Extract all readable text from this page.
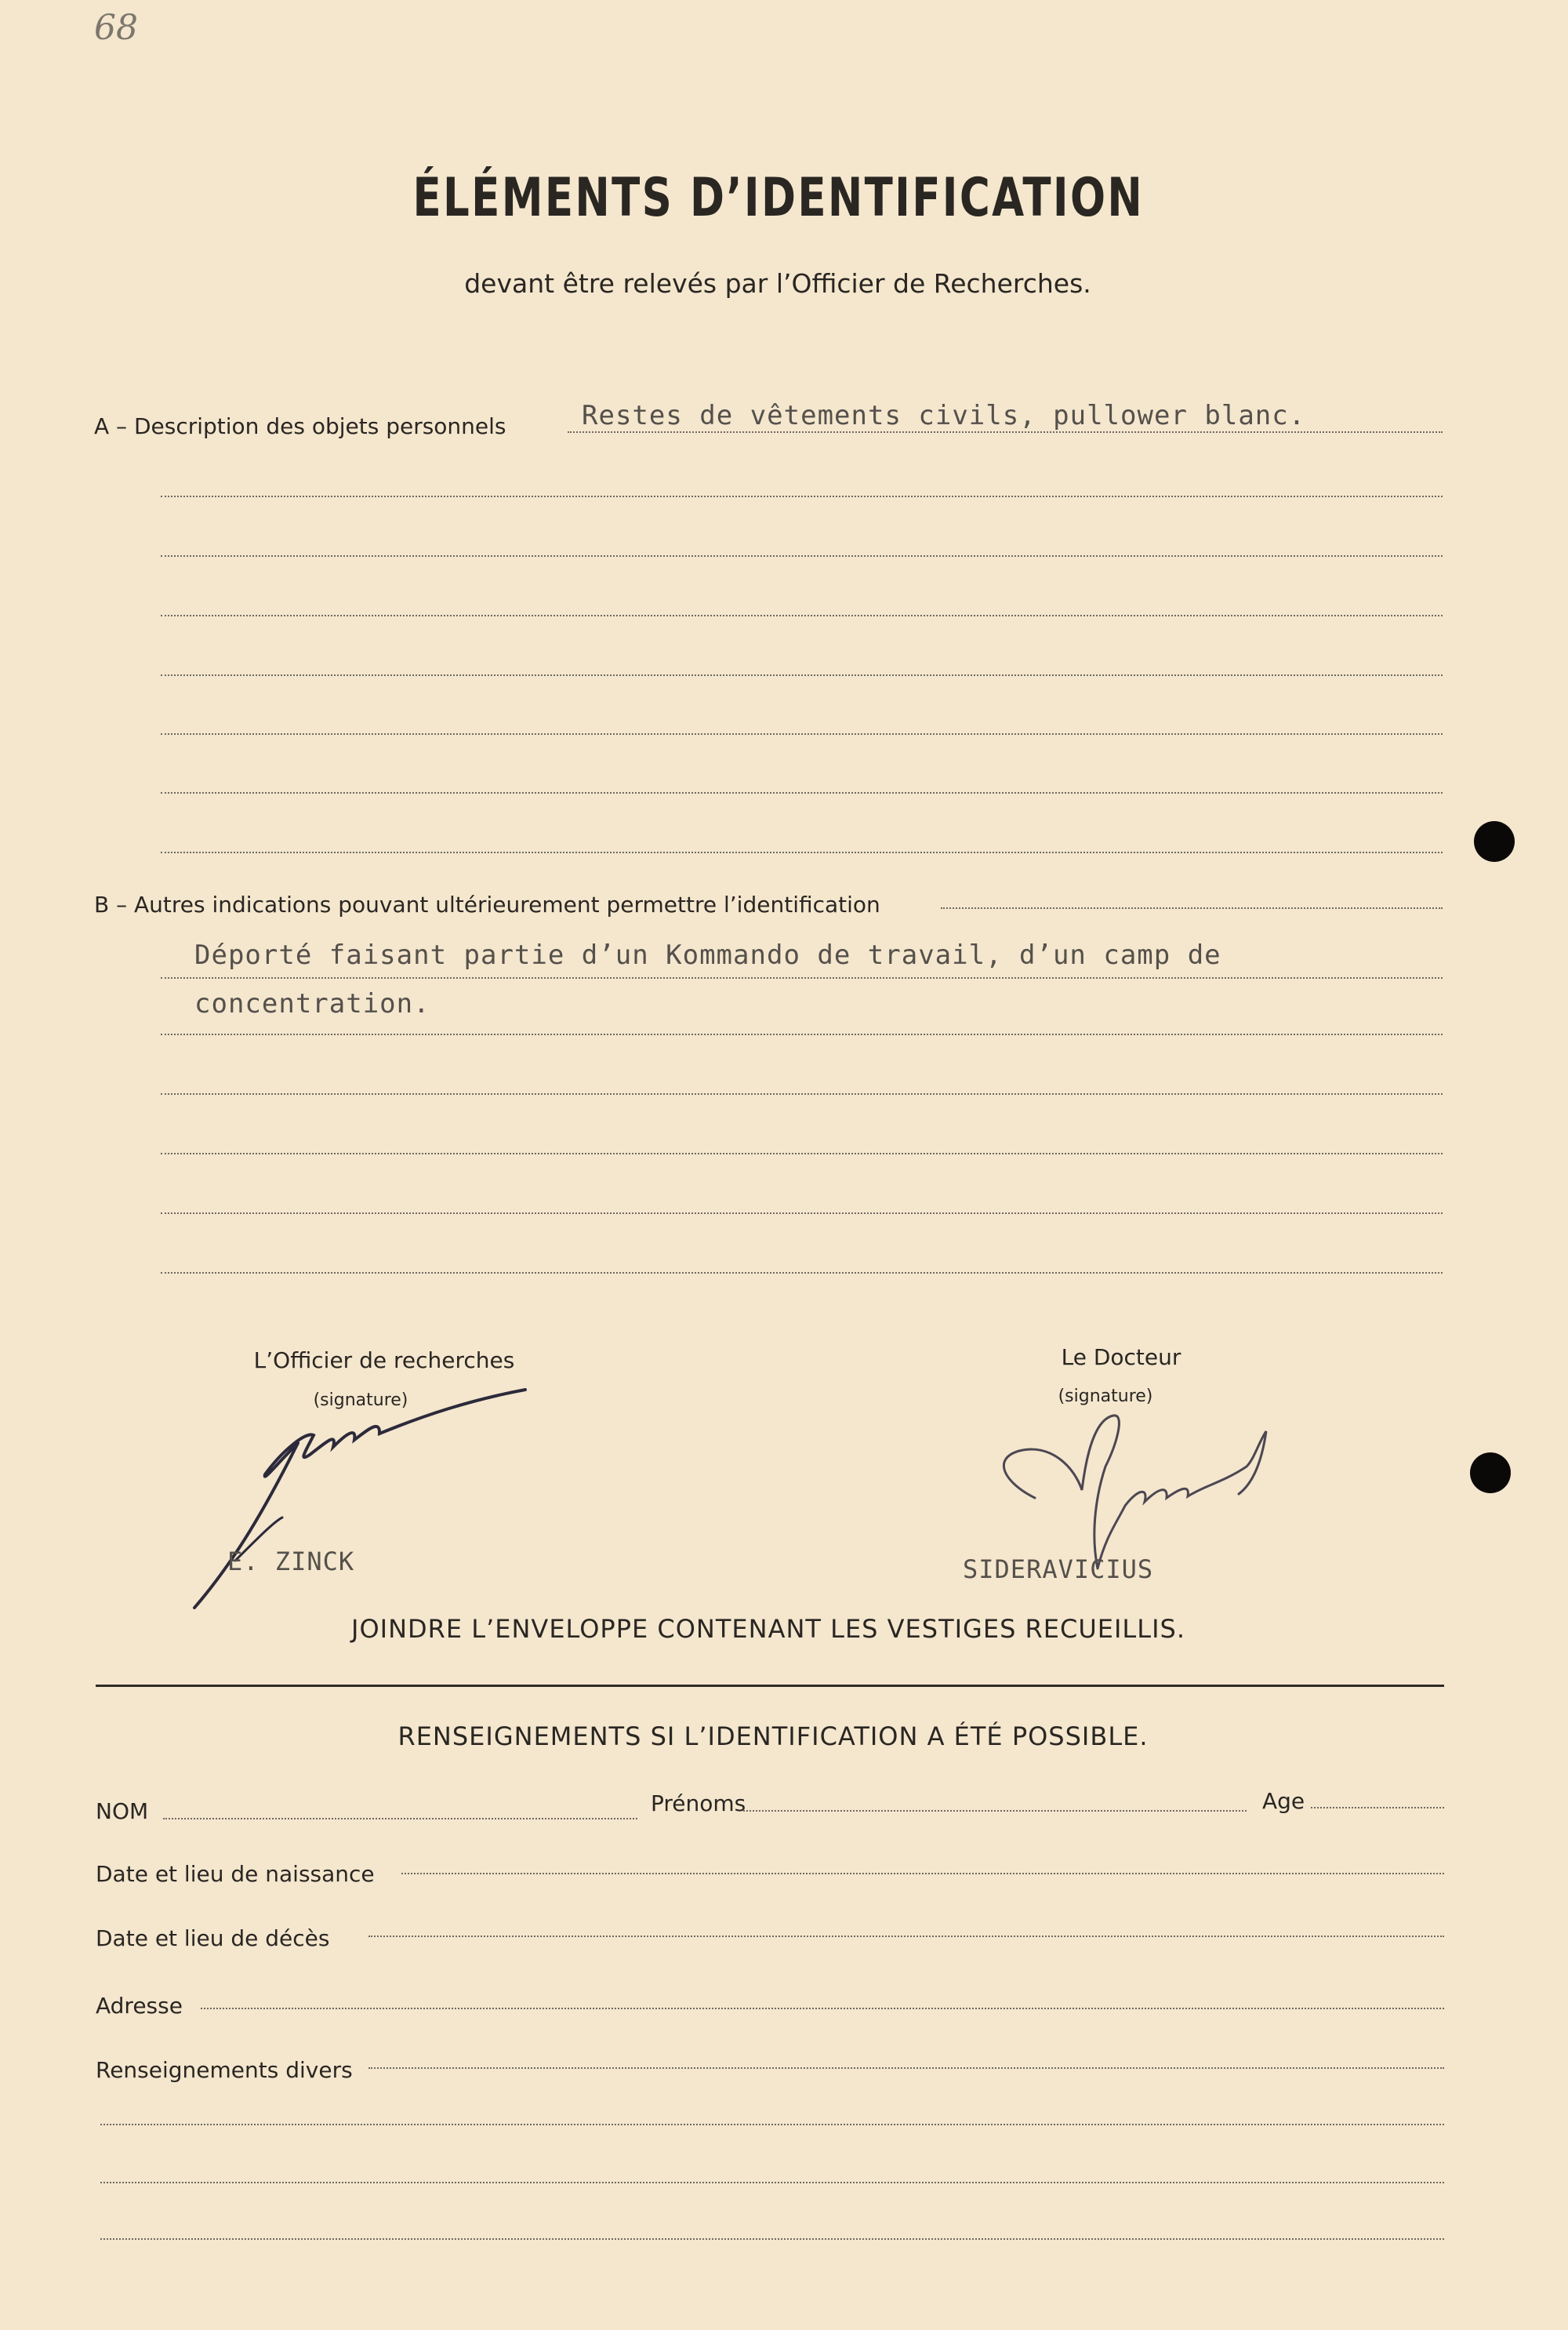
68
ÉLÉMENTS D’IDENTIFICATION
devant être relevés par l’Officier de Recherches.
A – Description des objets personnels	Restes de vêtements civils, pullower blanc.
B – Autres indications pouvant ultérieurement permettre l’identification
Déporté faisant partie d’un Kommando de travail, d’un camp de
concentration.
L’Officier de recherches
(signature)
Le Docteur
(signature)
E. ZINCK	SIDERAVICIUS
JOINDRE L’ENVELOPPE CONTENANT LES VESTIGES RECUEILLIS.
RENSEIGNEMENTS SI L’IDENTIFICATION A ÉTÉ POSSIBLE.
NOM	Prénoms	Age
Date et lieu de naissance
Date et lieu de décès
Adresse
Renseignements divers
